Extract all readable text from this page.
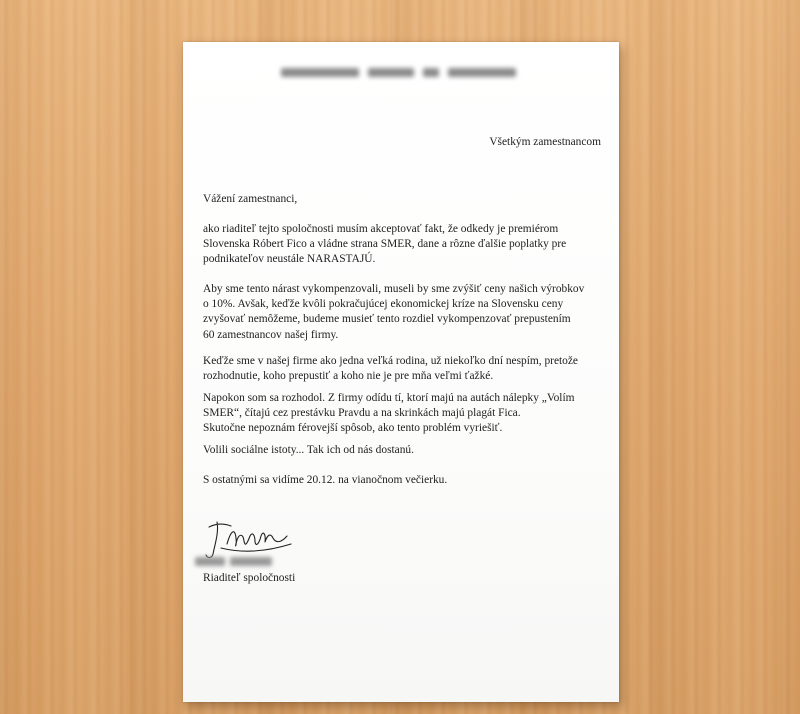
Všetkým zamestnancom
Vážení zamestnanci,
ako riaditeľ tejto spoločnosti musím akceptovať fakt, že odkedy je premiérom
Slovenska Róbert Fico a vládne strana SMER, dane a rôzne ďalšie poplatky pre
podnikateľov neustále NARASTAJÚ.
Aby sme tento nárast vykompenzovali, museli by sme zvýšiť ceny našich výrobkov
o 10%. Avšak, keďže kvôli pokračujúcej ekonomickej kríze na Slovensku ceny
zvyšovať nemôžeme, budeme musieť tento rozdiel vykompenzovať prepustením
60 zamestnancov našej firmy.
Keďže sme v našej firme ako jedna veľká rodina, už niekoľko dní nespím, pretože
rozhodnutie, koho prepustiť a koho nie je pre mňa veľmi ťažké.
Napokon som sa rozhodol. Z firmy odídu tí, ktorí majú na autách nálepky „Volím
SMER“, čítajú cez prestávku Pravdu a na skrinkách majú plagát Fica.
Skutočne nepoznám férovejší spôsob, ako tento problém vyriešiť.
Volili sociálne istoty... Tak ich od nás dostanú.
S ostatnými sa vidíme 20.12. na vianočnom večierku.
Riaditeľ spoločnosti
